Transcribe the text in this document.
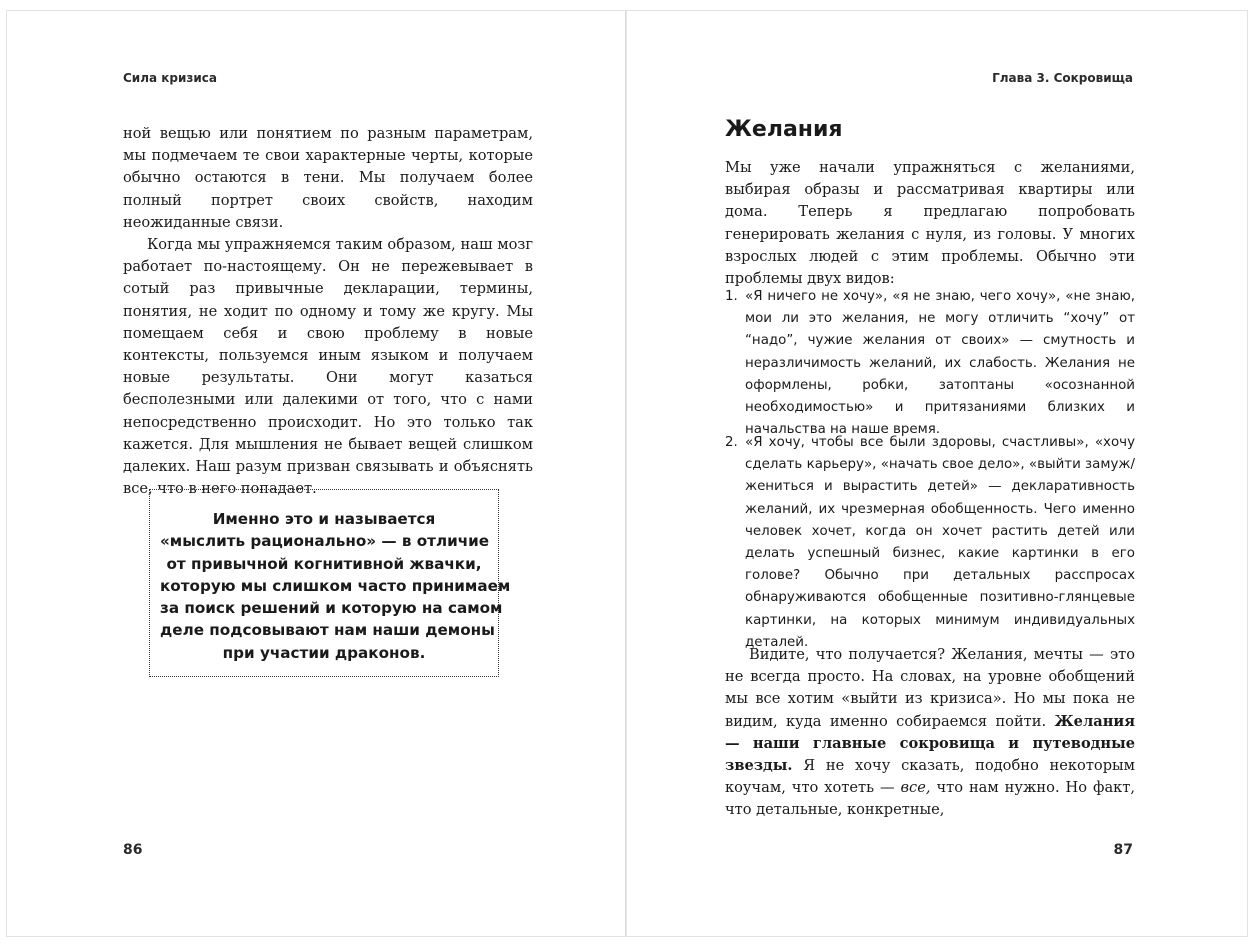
Сила кризиса

ной вещью или понятием по разным параметрам, мы подмечаем те свои характерные черты, которые обычно остаются в тени. Мы получаем более полный портрет своих свойств, находим неожиданные связи.

Когда мы упражняемся таким образом, наш мозг работает по-настоящему. Он не пережевывает в сотый раз привычные декларации, термины, понятия, не ходит по одному и тому же кругу. Мы помещаем себя и свою проблему в новые контексты, пользуемся иным языком и получаем новые результаты. Они могут казаться бесполезными или далекими от того, что с нами непосредственно происходит. Но это только так кажется. Для мышления не бывает вещей слишком далеких. Наш разум призван связывать и объяснять все, что в него попадает.

Именно это и называется
«мыслить рационально» — в отличие
от привычной когнитивной жвачки,
которую мы слишком часто принимаем
за поиск решений и которую на самом
деле подсовывают нам наши демоны
при участии драконов.
86
Глава 3. Сокровища
Желания

Мы уже начали упражняться с желаниями, выбирая образы и рассматривая квартиры или дома. Теперь я предлагаю попробовать генерировать желания с нуля, из головы. У многих взрослых людей с этим проблемы. Обычно эти проблемы двух видов:

1. «Я ничего не хочу», «я не знаю, чего хочу», «не знаю, мои ли это желания, не могу отличить “хочу” от “надо”, чужие желания от своих» — смутность и неразличимость желаний, их слабость. Желания не оформлены, робки, затоптаны «осознанной необходимостью» и притязаниями близких и начальства на наше время.
2. «Я хочу, чтобы все были здоровы, счастливы», «хочу сделать карьеру», «начать свое дело», «выйти замуж/жениться и вырастить детей» — декларативность желаний, их чрезмерная обобщенность. Чего именно человек хочет, когда он хочет растить детей или делать успешный бизнес, какие картинки в его голове? Обычно при детальных расспросах обнаруживаются обобщенные позитивно-глянцевые картинки, на которых минимум индивидуальных деталей.

Видите, что получается? Желания, мечты — это не всегда просто. На словах, на уровне обобщений мы все хотим «выйти из кризиса». Но мы пока не видим, куда именно собираемся пойти. Желания — наши главные сокровища и путеводные звезды. Я не хочу сказать, подобно некоторым коучам, что хотеть — все, что нам нужно. Но факт, что детальные, конкретные,

87
